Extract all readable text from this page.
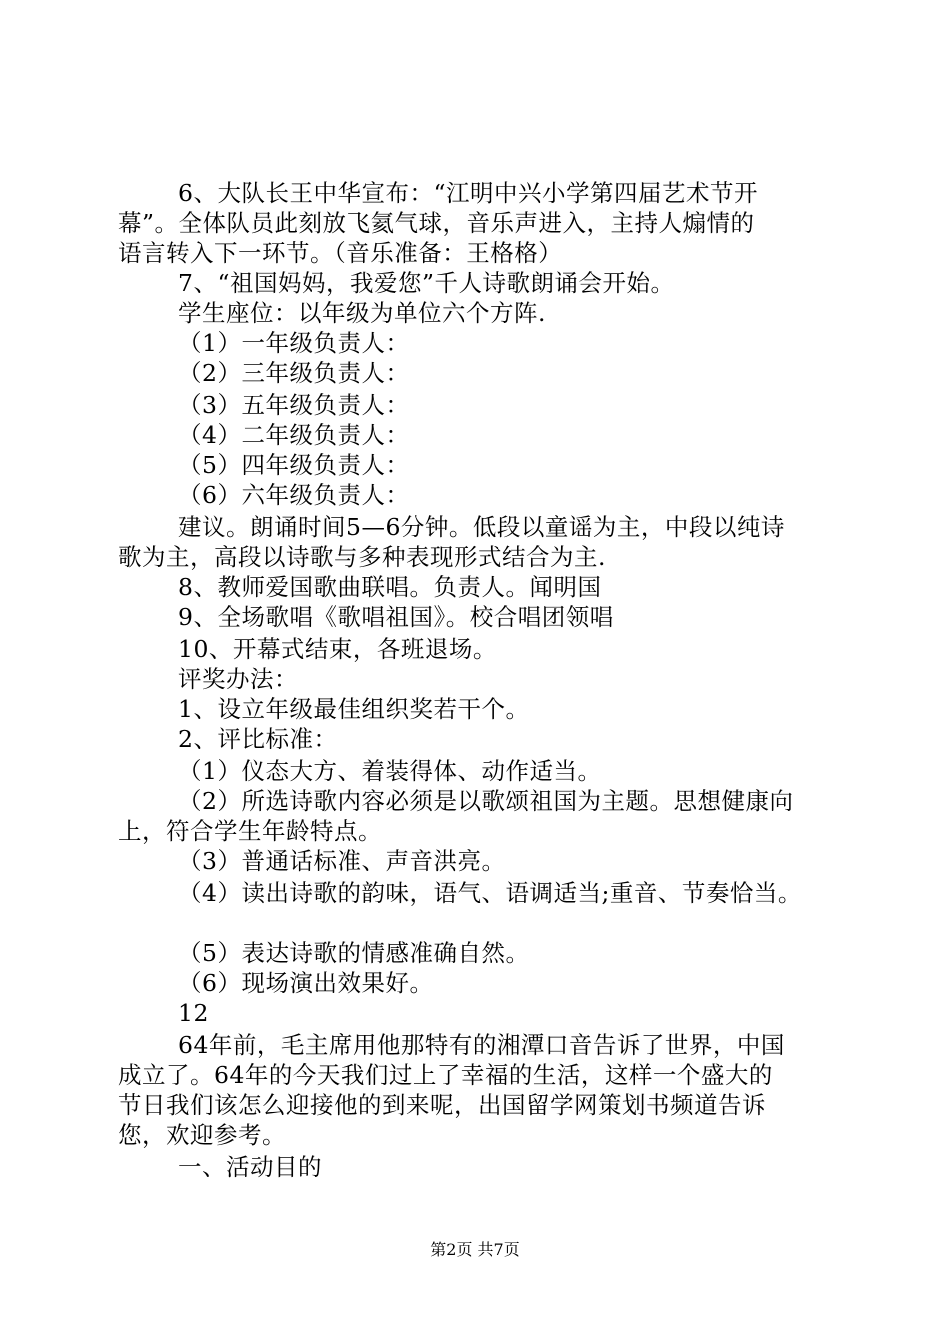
6、大队长王中华宣布：“江明中兴小学第四届艺术节开
幕”。全体队员此刻放飞氦气球，音乐声进入，主持人煽情的
语言转入下一环节。（音乐准备：王格格）
7、“祖国妈妈，我爱您”千人诗歌朗诵会开始。
学生座位：以年级为单位六个方阵.
（1）一年级负责人：
（2）三年级负责人：
（3）五年级负责人：
（4）二年级负责人：
（5）四年级负责人：
（6）六年级负责人：
建议。朗诵时间5—6分钟。低段以童谣为主，中段以纯诗
歌为主，高段以诗歌与多种表现形式结合为主.
8、教师爱国歌曲联唱。负责人。闻明国
9、全场歌唱《歌唱祖国》。校合唱团领唱
10、开幕式结束，各班退场。
评奖办法：
1、设立年级最佳组织奖若干个。
2、评比标准：
（1）仪态大方、着装得体、动作适当。
（2）所选诗歌内容必须是以歌颂祖国为主题。思想健康向
上，符合学生年龄特点。
（3）普通话标准、声音洪亮。
（4）读出诗歌的韵味，语气、语调适当;重音、节奏恰当。
（5）表达诗歌的情感准确自然。
（6）现场演出效果好。
12
64年前，毛主席用他那特有的湘潭口音告诉了世界，中国
成立了。64年的今天我们过上了幸福的生活，这样一个盛大的
节日我们该怎么迎接他的到来呢，出国留学网策划书频道告诉
您，欢迎参考。
一、活动目的
第2页 共7页
